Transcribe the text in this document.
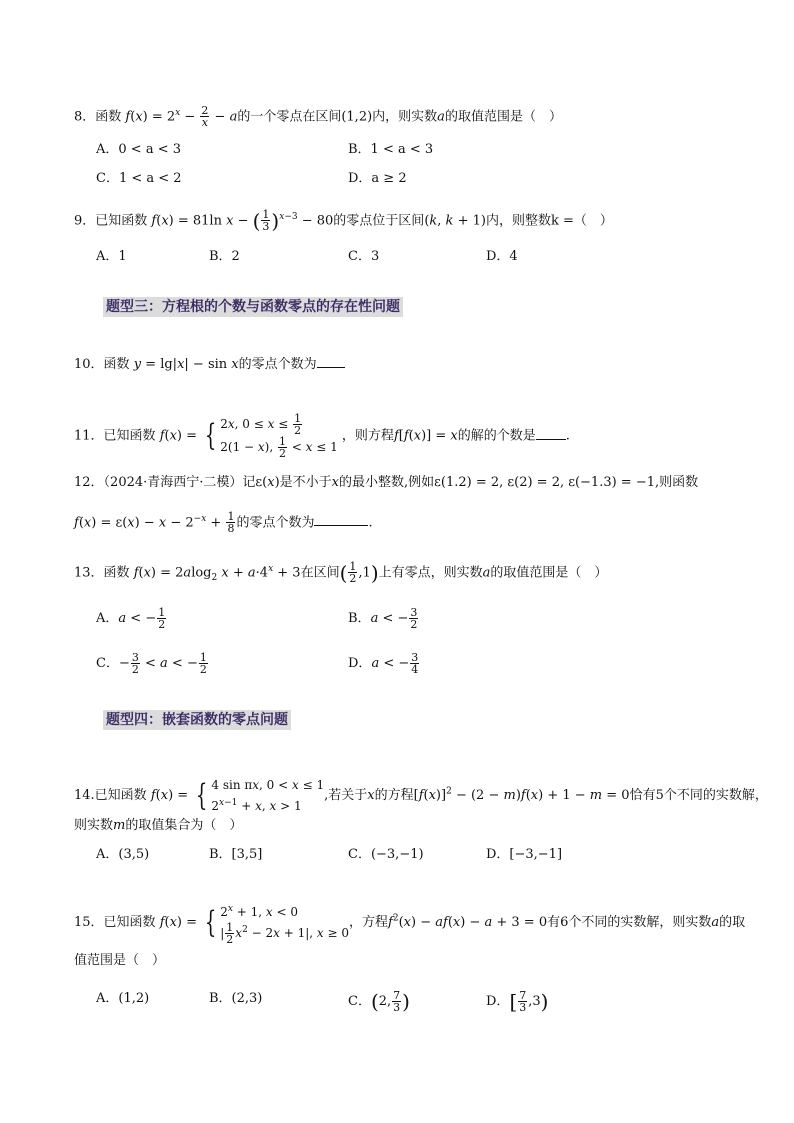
8．函数 $f(x) = 2^x - \frac{2}{x} - a$的一个零点在区间(1,2)内，则实数a的取值范围是（　）
A．0 < a < 3	B．1 < a < 3
C．1 < a < 2	D．a ≥ 2
9．已知函数 f(x) = 81ln x − ( $\frac{1}{3} )^{x-3} - 80$的零点位于区间(k, k + 1)内，则整数k =（　）
A．1	B．2	C．3	D．4
题型三：方程根的个数与函数零点的存在性问题
10．函数 y = lg|x| − sin x的零点个数为
11．已知函数 f(x) = { 2x, $0 \le x \le \frac{1}{2}$
2(1 − x), $\frac{1}{2} < x \le 1$
，则方程f[f(x)] = x的解的个数是 .
12．（2024·青海西宁·二模）记ε(x)是不小于x的最小整数,例如ε(1.2) = 2, ε(2) = 2, ε(−1.3) = −1,则函数
$f(x) = \varepsilon(x) - x - 2^{-x} + \frac{1}{8}$ 的零点个数为	.
13．函数 f(x) = 2alog$_2$ $x + a\cdot 4^x + 3$在区间( $\frac{1}{2} ,1$)上有零点，则实数a的取值范围是（　）
A．a < − $\frac{1}{2}$	B．a < − $\frac{3}{2}$
C．− $\frac{3}{2} < a$ < − $\frac{1}{2}$	D．a < − $\frac{3}{4}$
题型四：嵌套函数的零点问题
14.已知函数 f(x) = { 4 sin πx, 0 < x ≤ 1
$2^{x-1} + x$, x > 1
,若关于x的方程$[f(x)]^2 - (2 - m)f(x) + 1 - m = 0$恰有5个不同的实数解，
则实数m的取值集合为（　）
A．(3,5)	B．[3,5]	C．(−3,−1)	D．[−3,−1]
15．已知函数 f(x) = { $2^x + 1$, x < 0
| $\frac{1}{2} x^2 - 2x + 1|$, x ≥ 0
，方程$f^2(x) - af(x) - a + 3 = 0$有6个不同的实数解，则实数a的取
值范围是（　）
A．(1,2)	B．(2,3)	C．(2, $\frac{7}{3}$ )	D．[ $\frac{7}{3} ,3$)
